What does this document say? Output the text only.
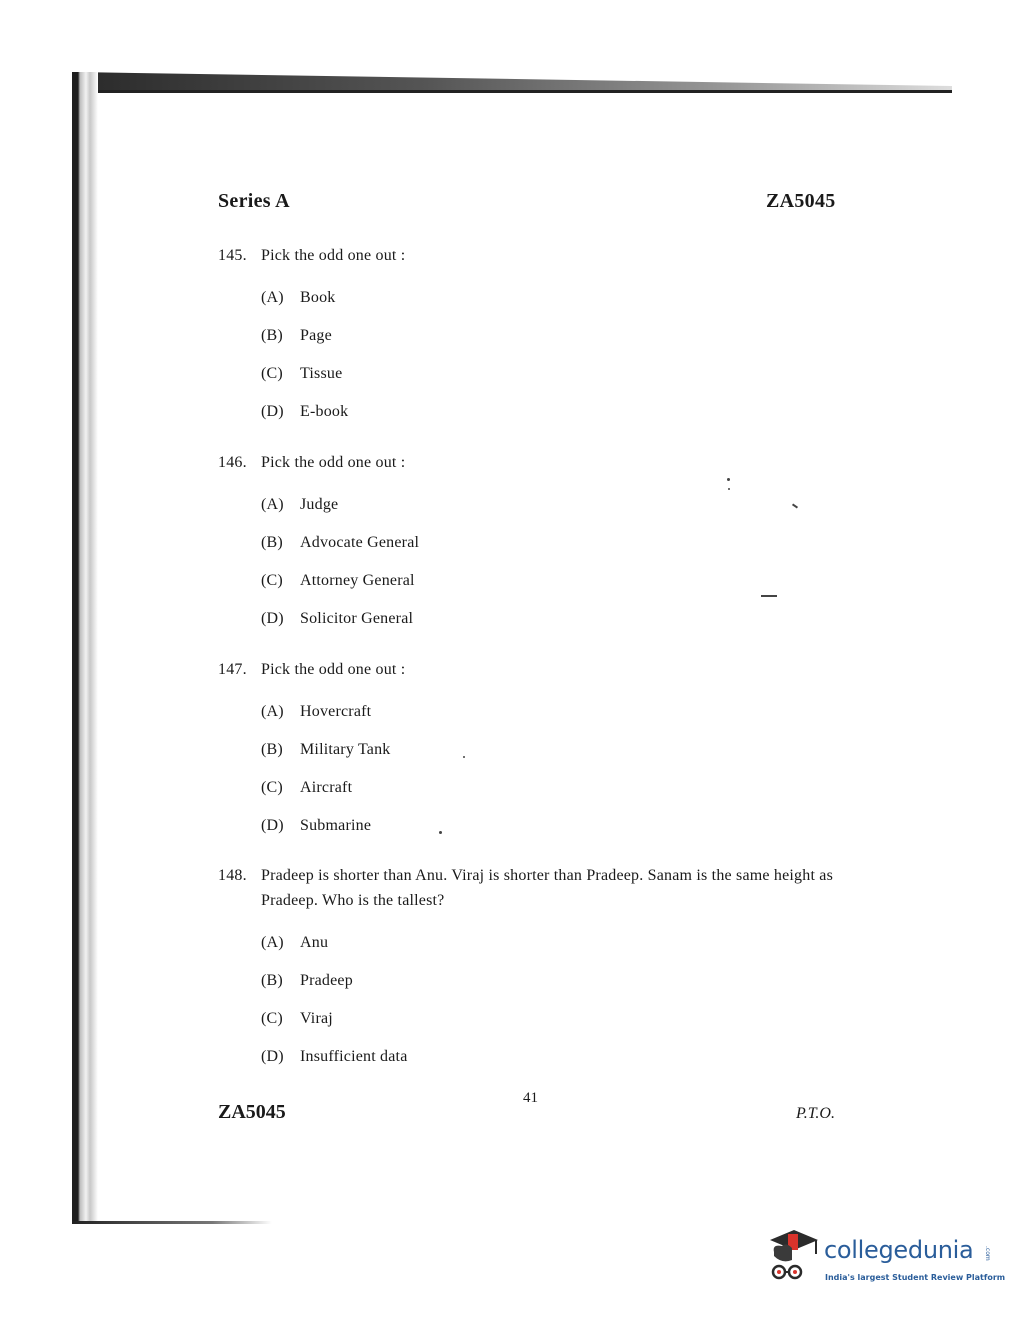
Series A	ZA5045
145. Pick the odd one out :
(A)	Book
(B)	Page
(C)	Tissue
(D)	E-book
146. Pick the odd one out :
(A)	Judge
(B)	Advocate General
(C)	Attorney General
(D)	Solicitor General
147. Pick the odd one out :
(A)	Hovercraft
(B)	Military Tank
(C)	Aircraft
(D)	Submarine
148. Pradeep is shorter than Anu. Viraj is shorter than Pradeep. Sanam is the same height as Pradeep. Who is the tallest?
(A)	Anu
(B)	Pradeep
(C)	Viraj
(D)	Insufficient data
ZA5045
41
P.T.O.
collegedunia .com
India's largest Student Review Platform
